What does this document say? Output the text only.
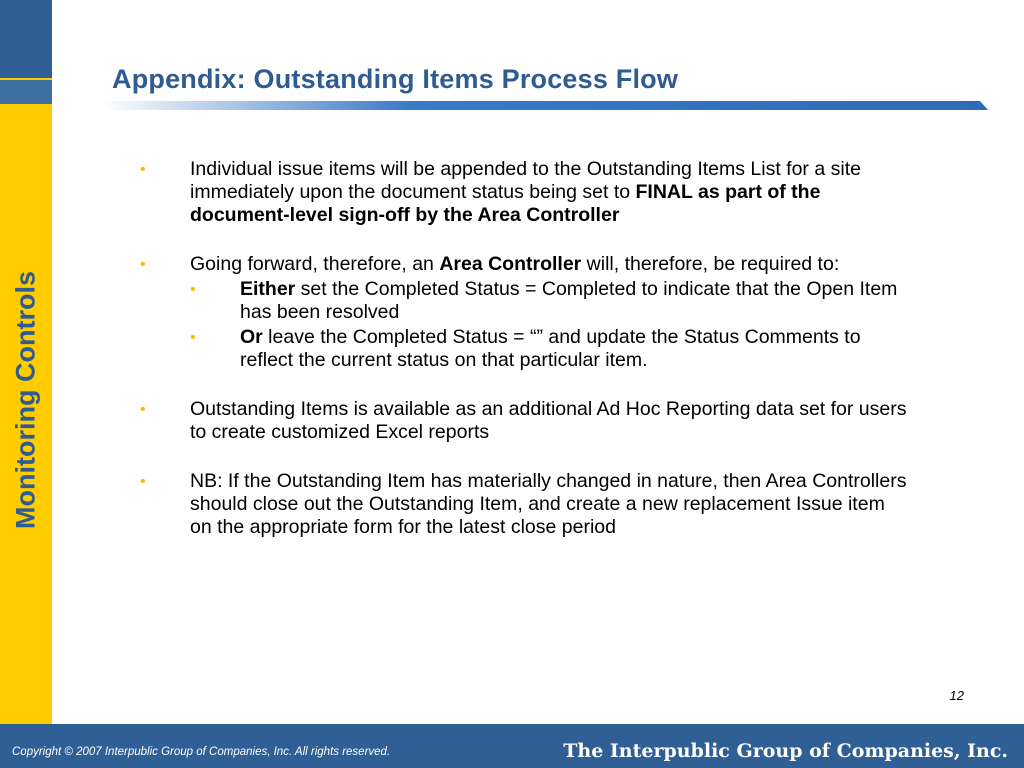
Monitoring Controls
Appendix: Outstanding Items Process Flow
• Individual issue items will be appended to the Outstanding Items List for a site immediately upon the document status being set to FINAL as part of the document-level sign-off by the Area Controller
• Going forward, therefore, an Area Controller will, therefore, be required to:
• Either set the Completed Status = Completed to indicate that the Open Item has been resolved
• Or leave the Completed Status = “” and update the Status Comments to reflect the current status on that particular item.
• Outstanding Items is available as an additional Ad Hoc Reporting data set for users to create customized Excel reports
• NB: If the Outstanding Item has materially changed in nature, then Area Controllers should close out the Outstanding Item, and create a new replacement Issue item on the appropriate form for the latest close period
12
Copyright © 2007 Interpublic Group of Companies, Inc. All rights reserved.	The Interpublic Group of Companies, Inc.
